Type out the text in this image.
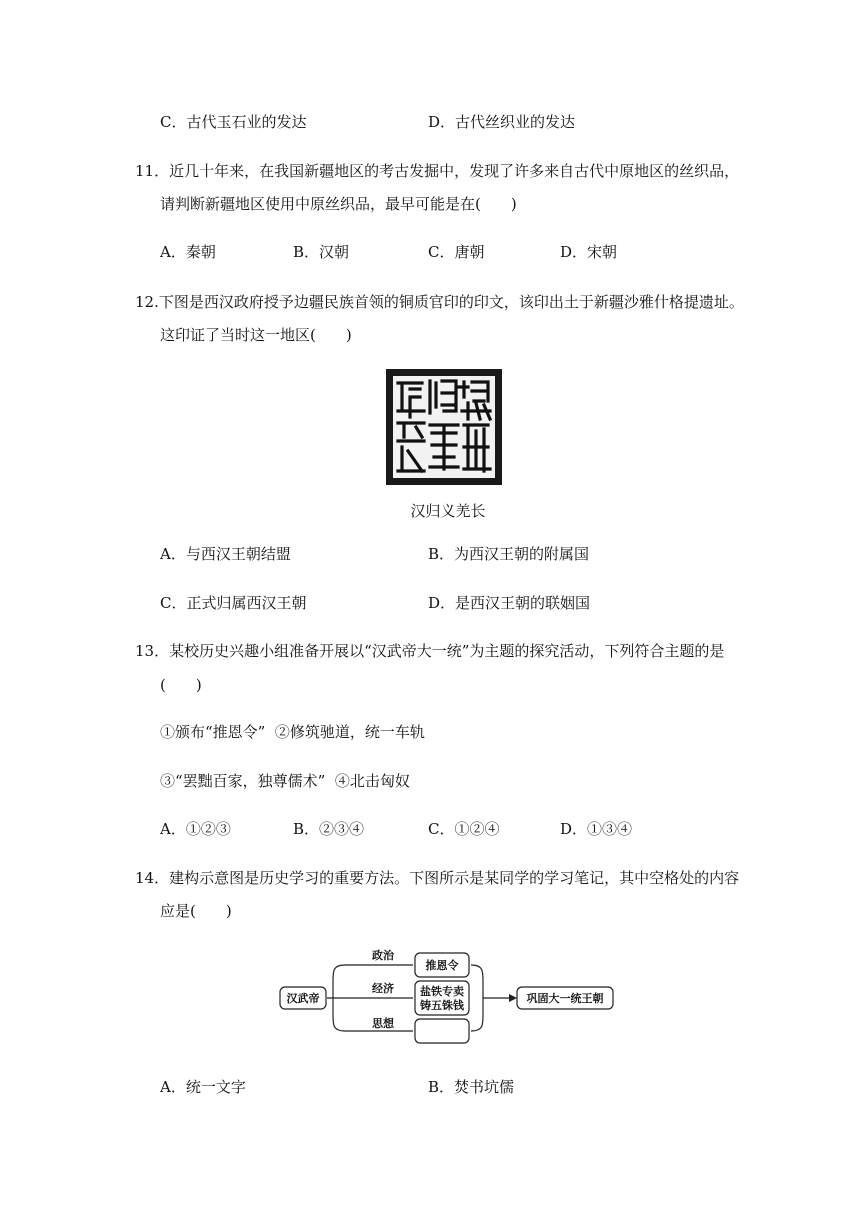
C．古代玉石业的发达	D．古代丝织业的发达
11．近几十年来，在我国新疆地区的考古发掘中，发现了许多来自古代中原地区的丝织品，
请判断新疆地区使用中原丝织品，最早可能是在(　　)
A．秦朝	B．汉朝	C．唐朝	D．宋朝
12.下图是西汉政府授予边疆民族首领的铜质官印的印文，该印出土于新疆沙雅什格提遗址。
这印证了当时这一地区(　　)
汉归义羌长
A．与西汉王朝结盟	B．为西汉王朝的附属国
C．正式归属西汉王朝	D．是西汉王朝的联姻国
13．某校历史兴趣小组准备开展以“汉武帝大一统”为主题的探究活动，下列符合主题的是
(　　)
①颁布“推恩令”  ②修筑驰道，统一车轨
③“罢黜百家，独尊儒术”  ④北击匈奴
A．①②③	B．②③④	C．①②④	D．①③④
14．建构示意图是历史学习的重要方法。下图所示是某同学的学习笔记，其中空格处的内容
应是(　　)
汉武帝
政治
经济
思想
推恩令
盐铁专卖
铸五铢钱
巩固大一统王朝
A．统一文字	B．焚书坑儒
